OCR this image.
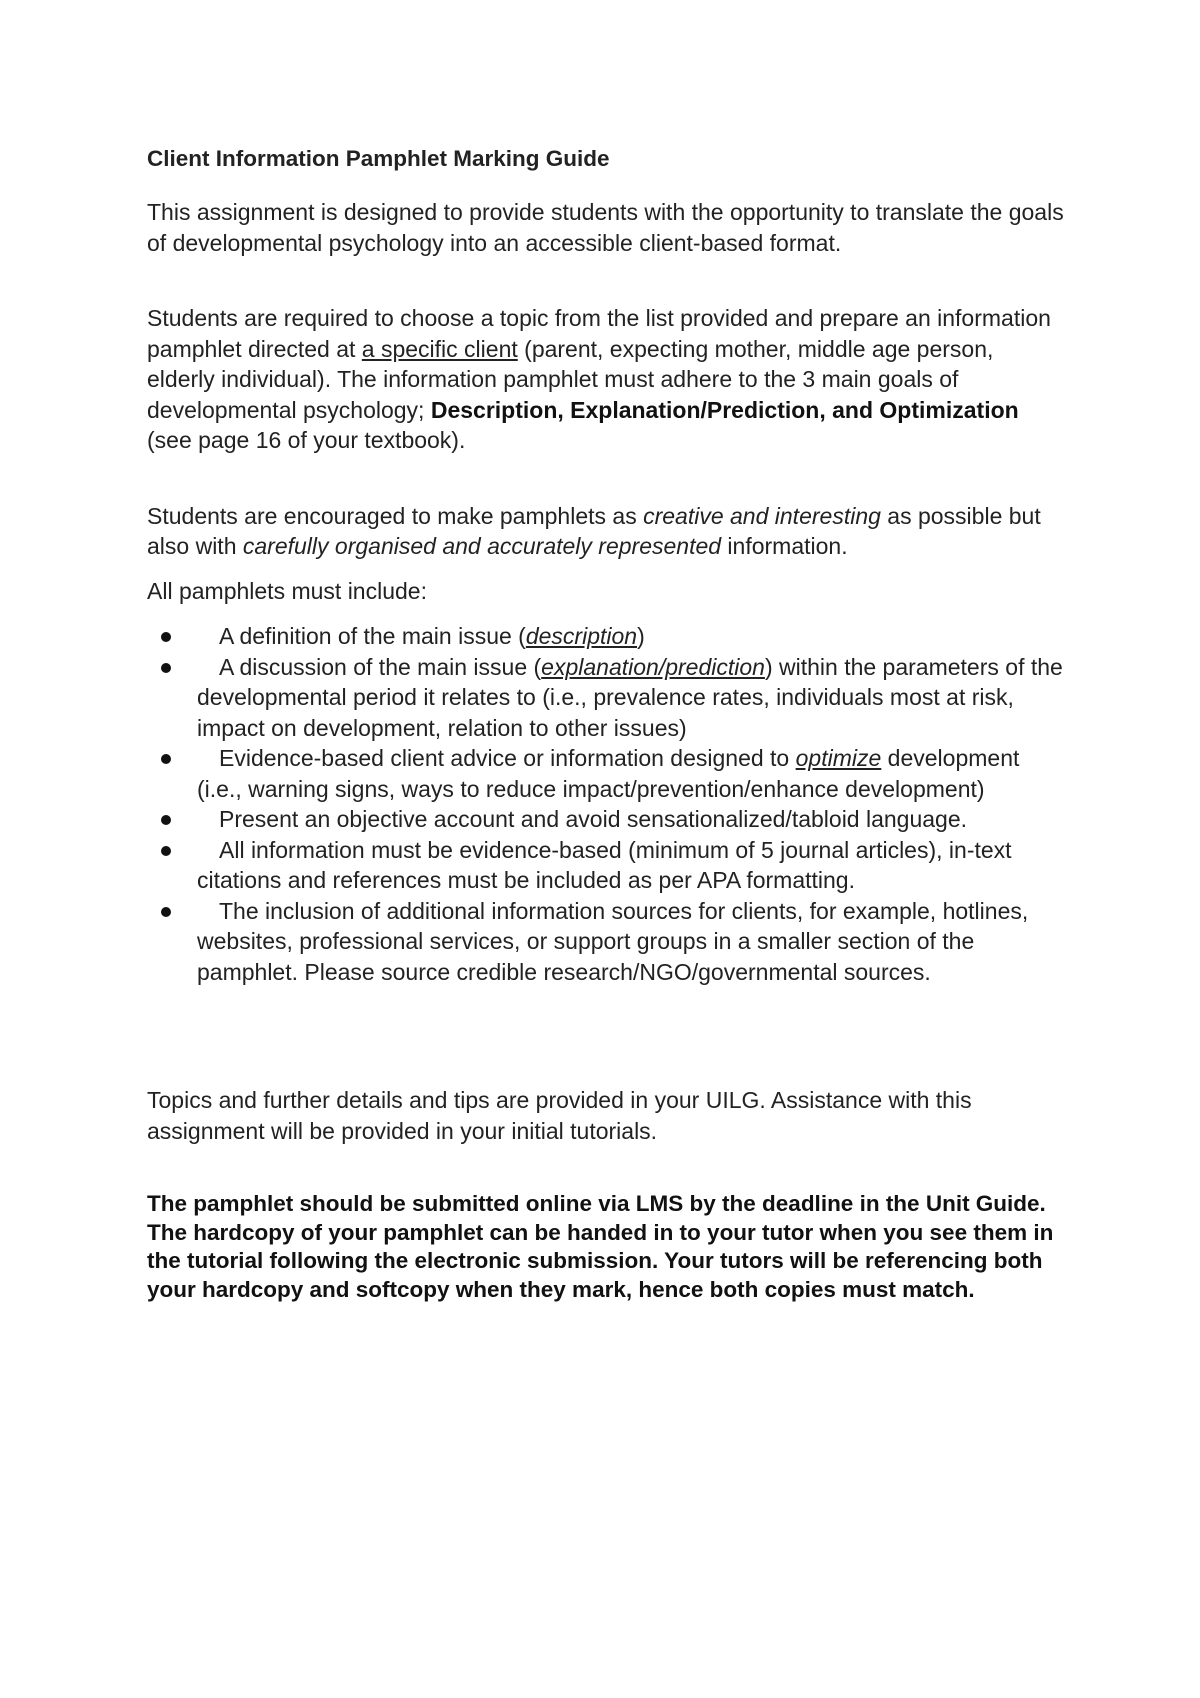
Client Information Pamphlet Marking Guide

This assignment is designed to provide students with the opportunity to translate the goals of developmental psychology into an accessible client-based format.

Students are required to choose a topic from the list provided and prepare an information pamphlet directed at a specific client (parent, expecting mother, middle age person, elderly individual). The information pamphlet must adhere to the 3 main goals of developmental psychology; Description, Explanation/Prediction, and Optimization (see page 16 of your textbook).

Students are encouraged to make pamphlets as creative and interesting as possible but also with carefully organised and accurately represented information.

All pamphlets must include:

A definition of the main issue (description)
A discussion of the main issue (explanation/prediction) within the parameters of the developmental period it relates to (i.e., prevalence rates, individuals most at risk, impact on development, relation to other issues)
Evidence-based client advice or information designed to optimize development (i.e., warning signs, ways to reduce impact/prevention/enhance development)
Present an objective account and avoid sensationalized/tabloid language.
All information must be evidence-based (minimum of 5 journal articles), in-text citations and references must be included as per APA formatting.
The inclusion of additional information sources for clients, for example, hotlines, websites, professional services, or support groups in a smaller section of the pamphlet. Please source credible research/NGO/governmental sources.

Topics and further details and tips are provided in your UILG. Assistance with this assignment will be provided in your initial tutorials.

The pamphlet should be submitted online via LMS by the deadline in the Unit Guide. The hardcopy of your pamphlet can be handed in to your tutor when you see them in the tutorial following the electronic submission. Your tutors will be referencing both your hardcopy and softcopy when they mark, hence both copies must match.
